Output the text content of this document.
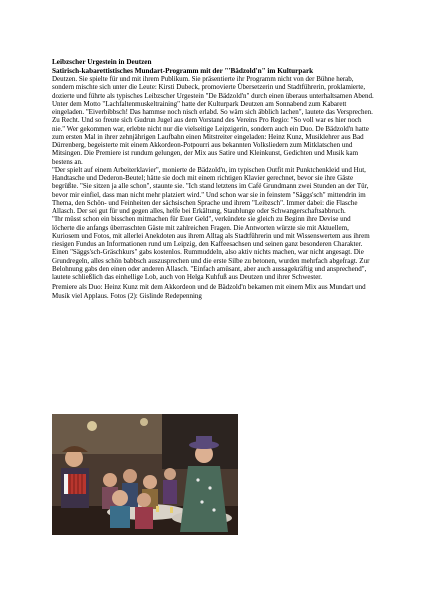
Leibzscher Urgestein in Deutzen

Satirisch-kabarettistisches Mundart-Programm mit der "'Bädzold'n" im Kulturpark

Deutzen. Sie spielte für und mit ihrem Publikum. Sie präsentierte ihr Programm nicht von der Bühne herab, sondern mischte sich unter die Leute: Kirsti Dubeck, promovierte Übersetzerin und Stadtführerin, proklamierte, dozierte und führte als typisches Leibzscher Urgestein "De Bädzold'n" durch einen überaus unterhaltsamen Abend.

Unter dem Motto "Lachfaltenmuskeltraining" hatte der Kulturpark Deutzen am Sonnabend zum Kabarett eingeladen. "Eiverbibbsch! Das hammse noch nisch erlabd. So wärn sich äbblich lachen", lautete das Versprechen. Zu Recht. Und so freute sich Gudrun Jugel aus dem Vorstand des Vereins Pro Regio: "So voll war es hier noch nie." Wer gekommen war, erlebte nicht nur die vielseitige Leipzigerin, sondern auch ein Duo. De Bädzold'n hatte zum ersten Mal in ihrer zehnjährigen Laufbahn einen Mitstreiter eingeladen: Heinz Kunz, Musiklehrer aus Bad Dürrenberg, begeisterte mit einem Akkordeon-Potpourri aus bekannten Volksliedern zum Mitklatschen und Mitsingen. Die Premiere ist rundum gelungen, der Mix aus Satire und Kleinkunst, Gedichten und Musik kam bestens an.

"Der spielt auf einem Arbeiterklavier", monierte de Bädzold'n, im typischen Outfit mit Punktchenkleid und Hut, Handtasche und Dederon-Beutel; hätte sie doch mit einem richtigen Klavier gerechnet, bevor sie ihre Gäste begrüßte. "Sie sitzen ja alle schon", staunte sie. "Ich stand letztens im Café Grundmann zwei Stunden an der Tür, bevor mir einfiel, dass man nicht mehr platziert wird." Und schon war sie in feinstem "Säggs'sch" mittendrin im Thema, den Schön- und Feinheiten der sächsischen Sprache und ihrem "Leibzsch". Immer dabei: die Flasche Allasch. Der sei gut für und gegen alles, helfe bei Erkältung, Staublunge oder Schwangerschaftsabbruch.

"Ihr müsst schon ein bisschen mitmachen für Euer Geld", verkündete sie gleich zu Beginn ihre Devise und löcherte die anfangs überraschten Gäste mit zahlreichen Fragen. Die Antworten würzte sie mit Aktuellem, Kuriosem und Fotos, mit allerlei Anekdoten aus ihrem Alltag als Stadtführerin und mit Wissenswertem aus ihrem riesigen Fundus an Informationen rund um Leipzig, den Kaffeesachsen und seinen ganz besonderen Charakter. Einen "Säggs'sch-Gräschkurs" gabs kostenlos. Rummuddeln, also aktiv nichts machen, war nicht angesagt. Die Grundregeln, alles schön babbsch auszusprechen und die erste Silbe zu betonen, wurden mehrfach abgefragt. Zur Belohnung gabs den einen oder anderen Allasch. "Einfach amüsant, aber auch aussagekräftig und ansprechend", lautete schließlich das einhellige Lob, auch von Helga Kuhfuß aus Deutzen und ihrer Schwester.

Premiere als Duo: Heinz Kunz mit dem Akkordeon und de Bädzold'n bekamen mit einem Mix aus Mundart und Musik viel Applaus. Fotos (2): Gislinde Redepenning
